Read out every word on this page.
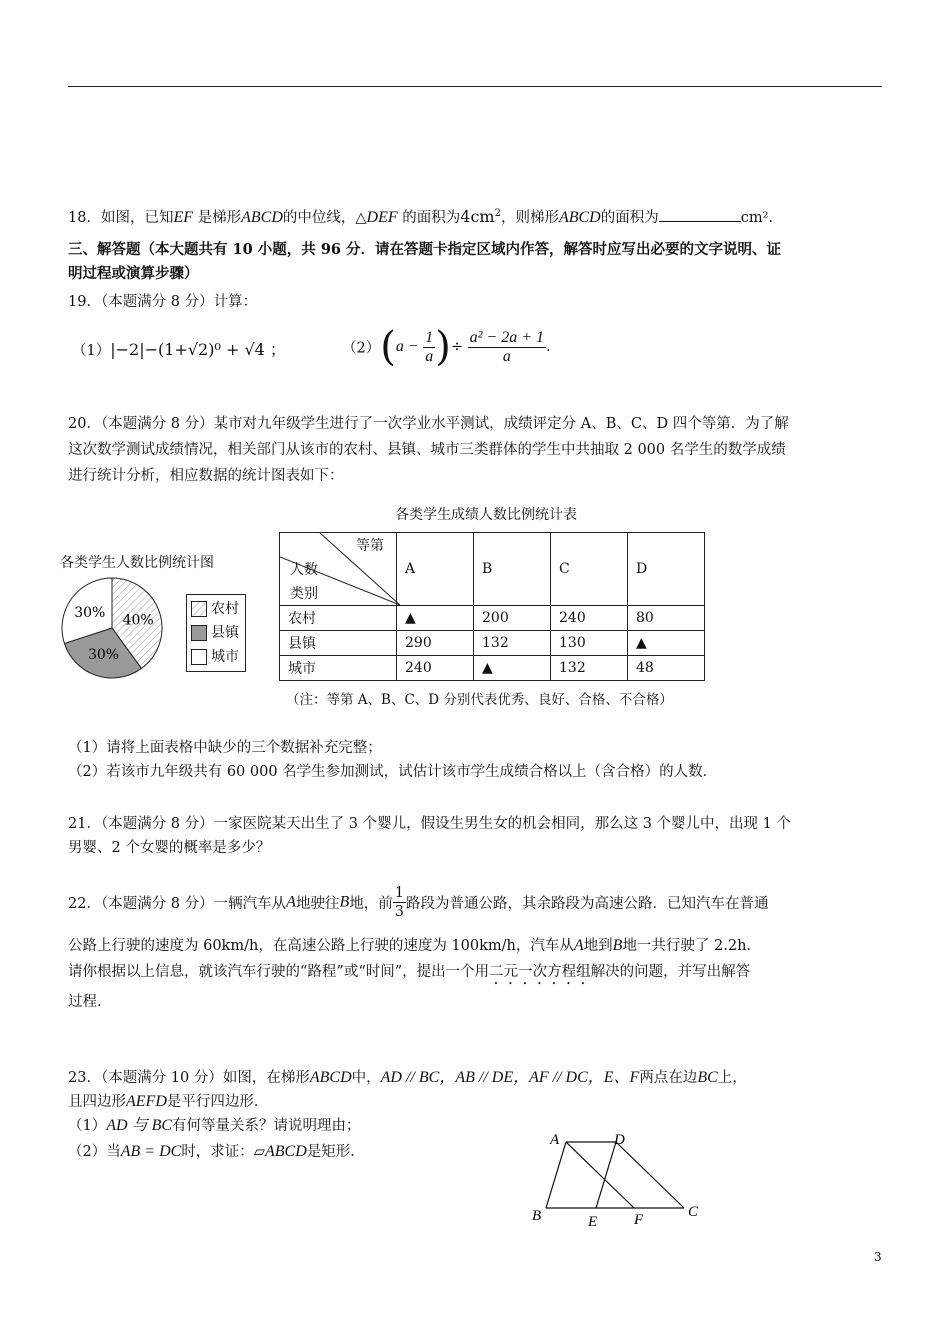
18．如图，已知EF 是梯形ABCD的中位线，△DEF 的面积为$4cm^2$，则梯形ABCD的面积为	cm².
三、解答题（本大题共有 10 小题，共 96 分．请在答题卡指定区域内作答，解答时应写出必要的文字说明、证
明过程或演算步骤）
19．（本题满分 8 分）计算：
（1）|−2|−(1+√2)⁰ + √4 ；	$(2)(a - \frac{1}{a}$ )÷ $\frac{\text{a² − 2a + 1}}{a}$ .
20．（本题满分 8 分）某市对九年级学生进行了一次学业水平测试，成绩评定分 A、B、C、D 四个等第．为了解
这次数学测试成绩情况，相关部门从该市的农村、县镇、城市三类群体的学生中共抽取 2 000 名学生的数学成绩
进行统计分析，相应数据的统计图表如下：
各类学生人数比例统计图
40%
30%
30%	农村
县镇
城市
各类学生成绩人数比例统计表
等第
人数
类别	A	B	C	D
农村	▲	200	240	80
县镇	290	132	130	▲
城市	240	▲	132	48
（注：等第 A、B、C、D 分别代表优秀、良好、合格、不合格）
（1）请将上面表格中缺少的三个数据补充完整；
（2）若该市九年级共有 60 000 名学生参加测试，试估计该市学生成绩合格以上（含合格）的人数．
21．（本题满分 8 分）一家医院某天出生了 3 个婴儿，假设生男生女的机会相同，那么这 3 个婴儿中，出现 1 个
男婴、2 个女婴的概率是多少？
22．（本题满分 8 分）一辆汽车从A地驶往B地，前 $\frac{1}{3}$ 路段为普通公路，其余路段为高速公路．已知汽车在普通
公路上行驶的速度为 60km/h，在高速公路上行驶的速度为 100km/h，汽车从A地到B地一共行驶了 2.2h．
请你根据以上信息，就该汽车行驶的“路程”或“时间”，提出一个用二元一次方程组解决的问题，并写出解答
过程．
23．（本题满分 10 分）如图，在梯形ABCD中，AD // BC，AB // DE，AF // DC，E、F两点在边BC上，
且四边形AEFD是平行四边形．
（1）AD 与 BC有何等量关系？请说明理由；
（2）当AB = DC时，求证：▱ABCD是矩形．
A	D
B	E F	C
3
